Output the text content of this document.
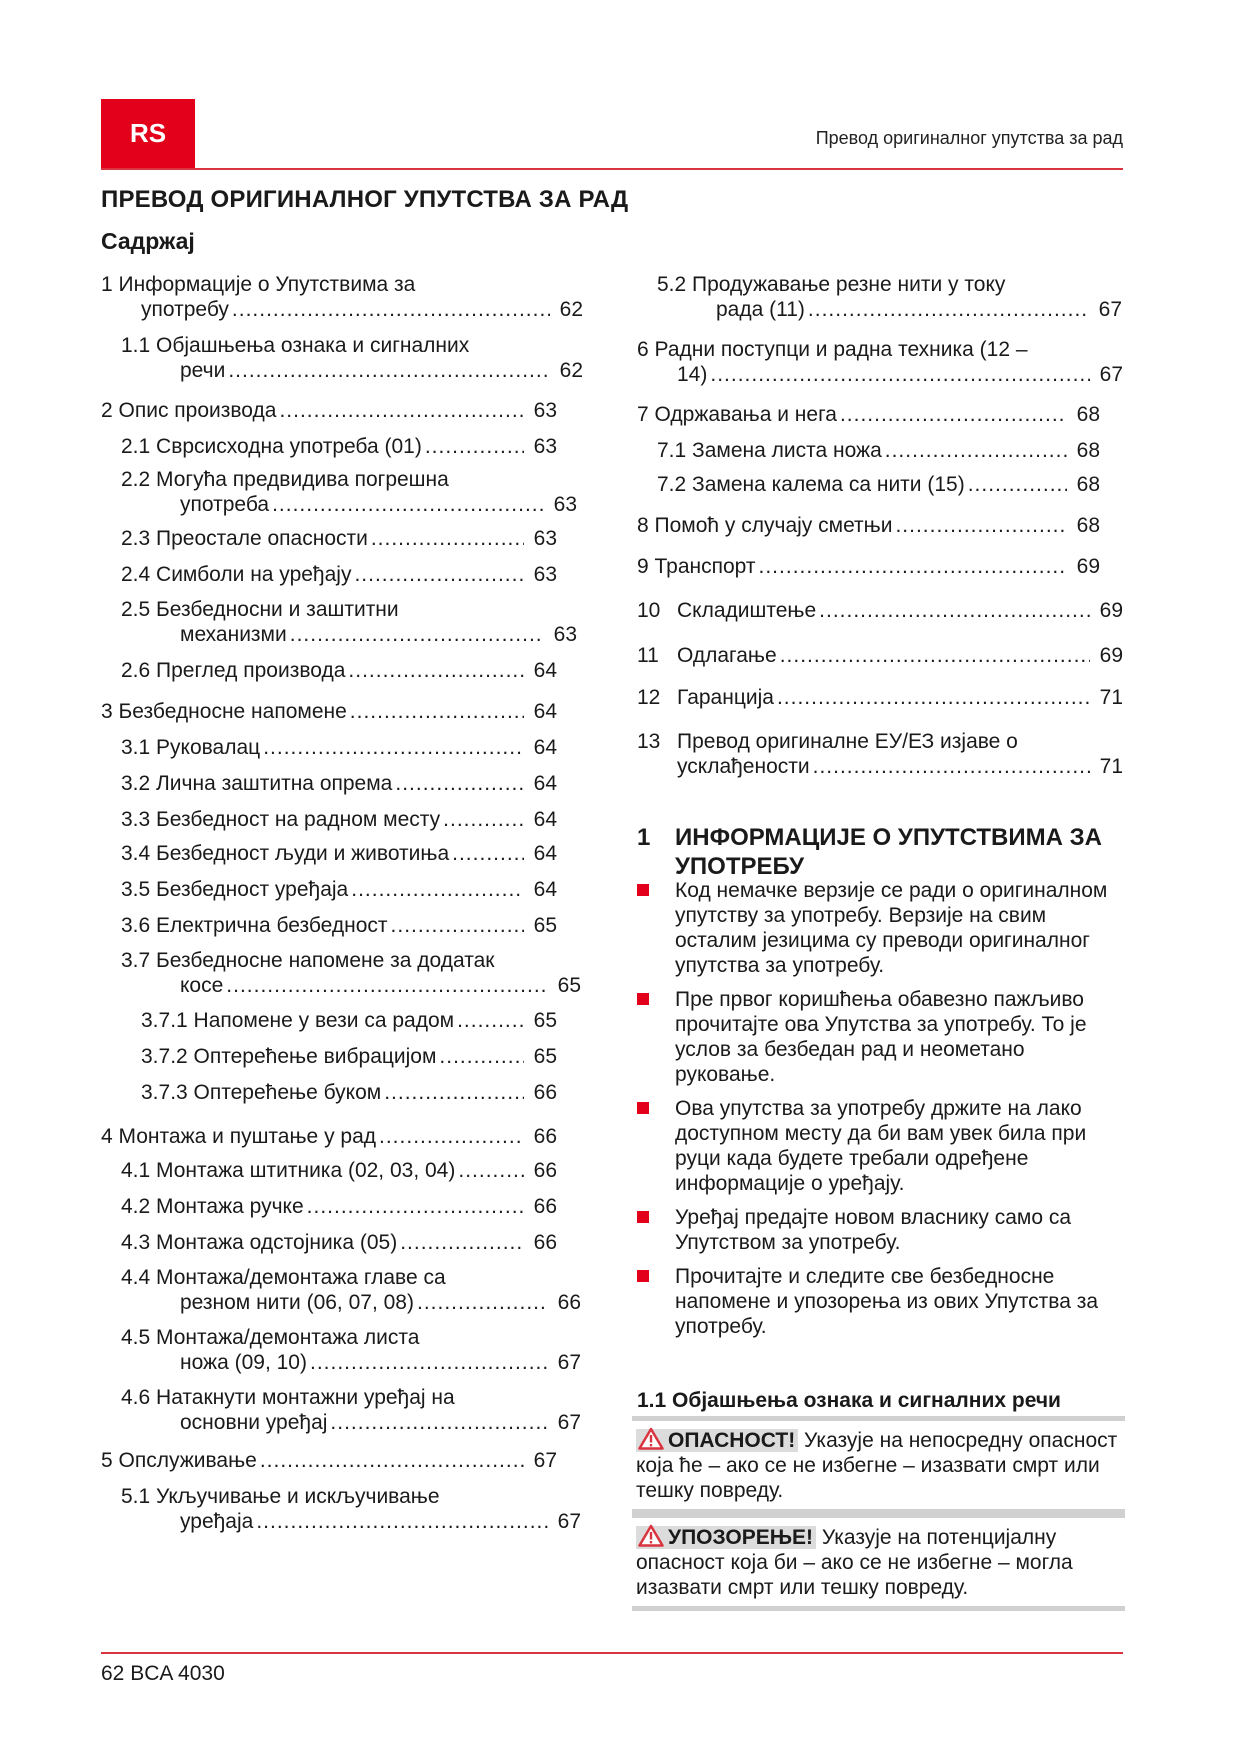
RS	Превод оригиналног упутства за рад
ПРЕВОД ОРИГИНАЛНОГ УПУТСТВА ЗА РАД
Садржај
1 Информације о Упутствима за
употребу .....	62
1.1 Објашњења ознака и сигналних
речи .....	62
2 Опис производа .....	63
2.1 Сврсисходна употреба (01) .....	63
2.2 Могућа предвидива погрешна
употреба .....	63
2.3 Преостале опасности .....	63
2.4 Симболи на уређају .....	63
2.5 Безбедносни и заштитни
механизми .....	63
2.6 Преглед производа .....	64
3 Безбедносне напомене .....	64
3.1 Руковалац .....	64
3.2 Лична заштитна опрема .....	64
3.3 Безбедност на радном месту .....	64
3.4 Безбедност људи и животиња .....	64
3.5 Безбедност уређаја .....	64
3.6 Електрична безбедност .....	65
3.7 Безбедносне напомене за додатак
косе .....	65
3.7.1 Напомене у вези са радом .....	65
3.7.2 Оптерећење вибрацијом .....	65
3.7.3 Оптерећење буком .....	66
4 Монтажа и пуштање у рад .....	66
4.1 Монтажа штитника (02, 03, 04) .....	66
4.2 Монтажа ручке .....	66
4.3 Монтажа одстојника (05) .....	66
4.4 Монтажа/демонтажа главе са
резном нити (06, 07, 08) .....	66
4.5 Монтажа/демонтажа листа
ножа (09, 10) .....	67
4.6 Натакнути монтажни уређај на
основни уређај .....	67
5 Опслуживање .....	67
5.1 Укључивање и искључивање
уређаја .....	67
5.2 Продужавање резне нити у току
рада (11) .....	67
6 Радни поступци и радна техника (12 –
14) .....	67
7 Одржавања и нега .....	68
7.1 Замена листа ножа .....	68
7.2 Замена калема са нити (15) .....	68
8 Помоћ у случају сметњи .....	68
9 Транспорт .....	69
10 Складиштење .....	69
11 Одлагање .....	69
12 Гаранција .....	71
13 Превод оригиналне ЕУ/ЕЗ изјаве о
усклађености .....	71
1 ИНФОРМАЦИЈЕ О УПУТСТВИМА ЗА
УПОТРЕБУ
Код немачке верзије се ради о оригиналном упутству за употребу. Верзије на свим осталим језицима су преводи оригиналног упутства за употребу.
Пре првог коришћења обавезно пажљиво прочитајте ова Упутства за употребу. То је услов за безбедан рад и неометано руковање.
Ова упутства за употребу држите на лако доступном месту да би вам увек била при руци када будете требали одређене информације о уређају.
Уређај предајте новом власнику само са Упутством за употребу.
Прочитајте и следите све безбедносне напомене и упозорења из ових Упутства за употребу.
1.1 Објашњења ознака и сигналних речи
ОПАСНОСТ! Указује на непосредну опасност која ће – ако се не избегне – изазвати смрт или тешку повреду.
УПОЗОРЕЊЕ! Указује на потенцијалну опасност која би – ако се не избегне – могла изазвати смрт или тешку повреду.
62 BCA 4030
